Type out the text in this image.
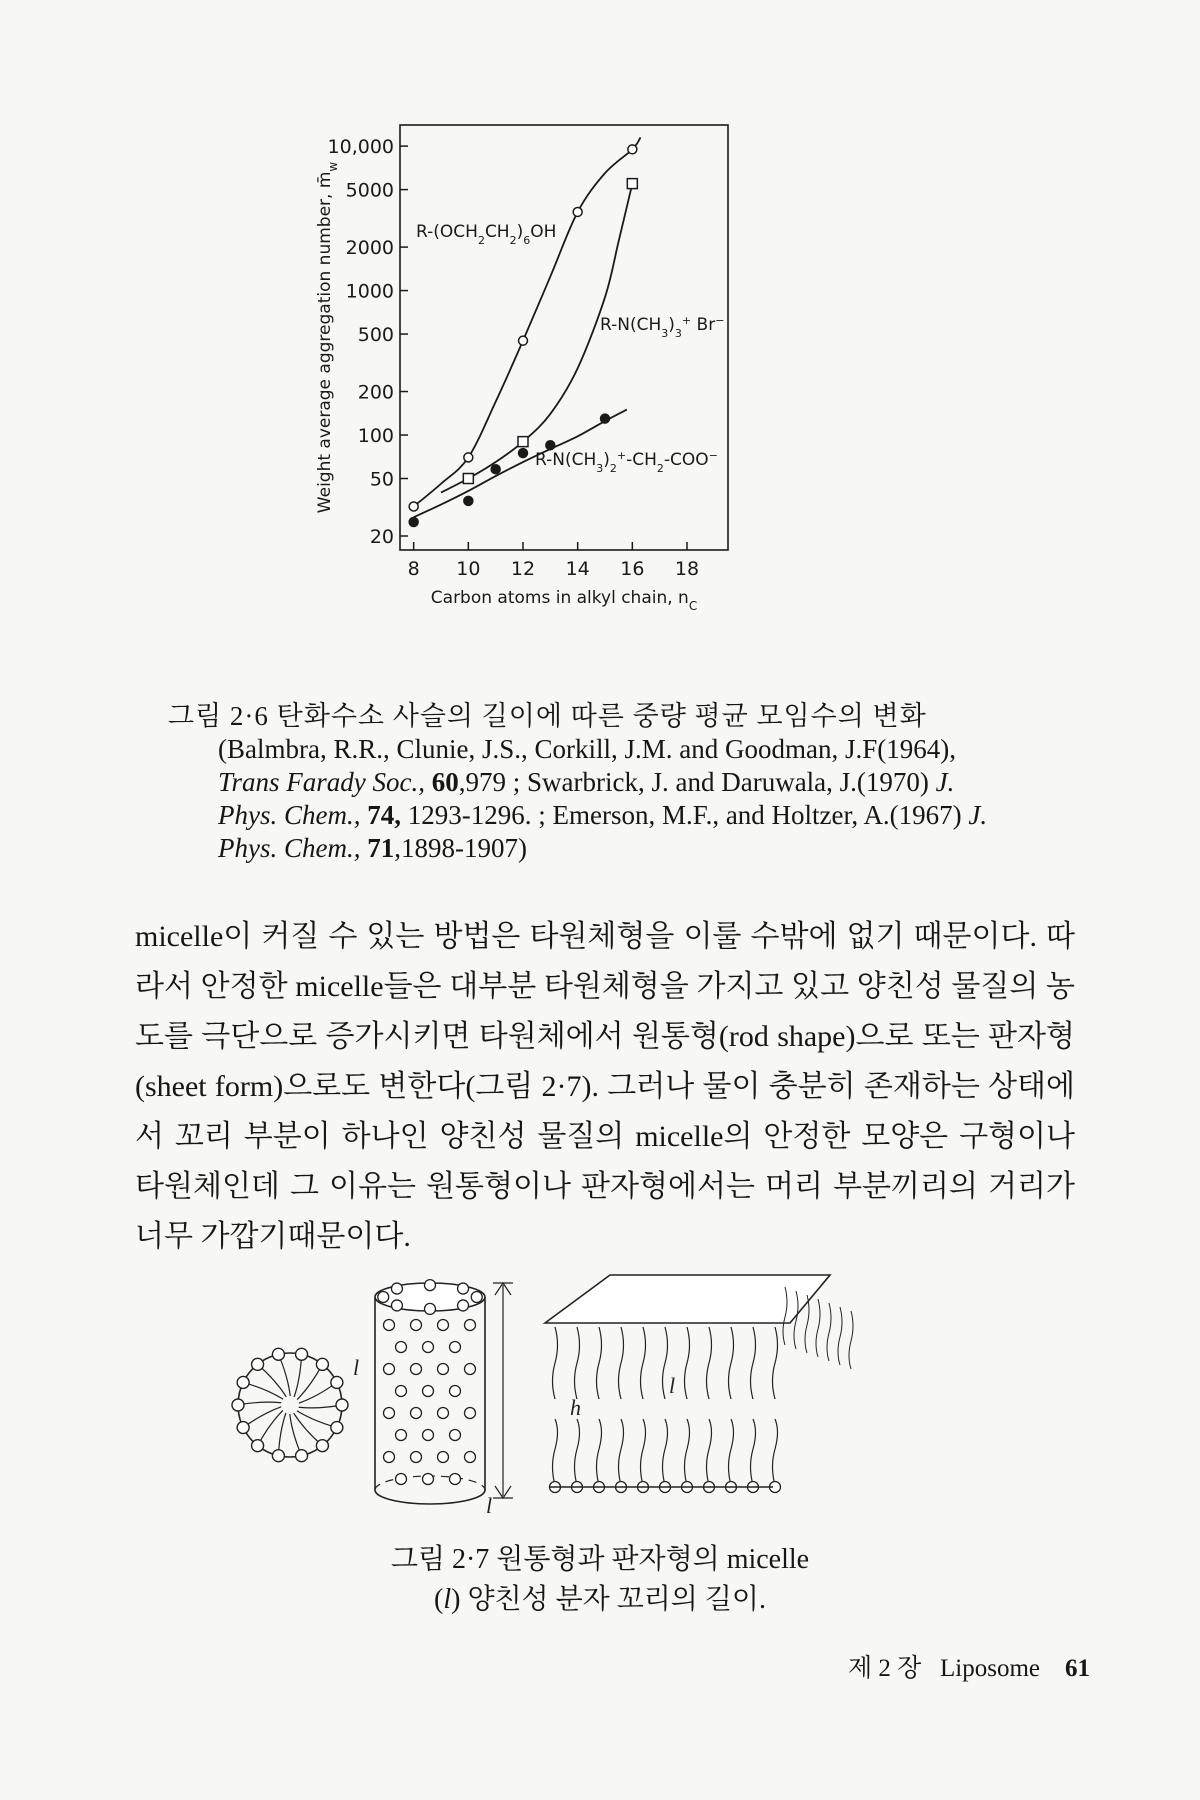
20
50
100
200
500
1000
2000
5000
10,000
8 10 12 14 16 18
Carbon atoms in alkyl chain, $n_C$
Weight average aggregation number, $m̄_w$
$R-(OCH_2CH_2)_6OH$
$R-N(CH_3)_3^+$ Br−
$R-N(CH_3)_2^+-CH_2-COO^-$
그림 2·6 탄화수소 사슬의 길이에 따른 중량 평균 모임수의 변화
(Balmbra, R.R., Clunie, J.S., Corkill, J.M. and Goodman, J.F(1964),
Trans Farady Soc., 60,979 ; Swarbrick, J. and Daruwala, J.(1970) J.
Phys. Chem., 74, 1293-1296. ; Emerson, M.F., and Holtzer, A.(1967) J.
Phys. Chem., 71,1898-1907)

micelle이 커질 수 있는 방법은 타원체형을 이룰 수밖에 없기 때문이다. 따라서 안정한 micelle들은 대부분 타원체형을 가지고 있고 양친성 물질의 농도를 극단으로 증가시키면 타원체에서 원통형(rod shape)으로 또는 판자형(sheet form)으로도 변한다(그림 2·7). 그러나 물이 충분히 존재하는 상태에서 꼬리 부분이 하나인 양친성 물질의 micelle의 안정한 모양은 구형이나 타원체인데 그 이유는 원통형이나 판자형에서는 머리 부분끼리의 거리가 너무 가깝기때문이다.

l
h
l
l
그림 2·7 원통형과 판자형의 micelle
(l) 양친성 분자 꼬리의 길이.
제 2 장 Liposome 61
